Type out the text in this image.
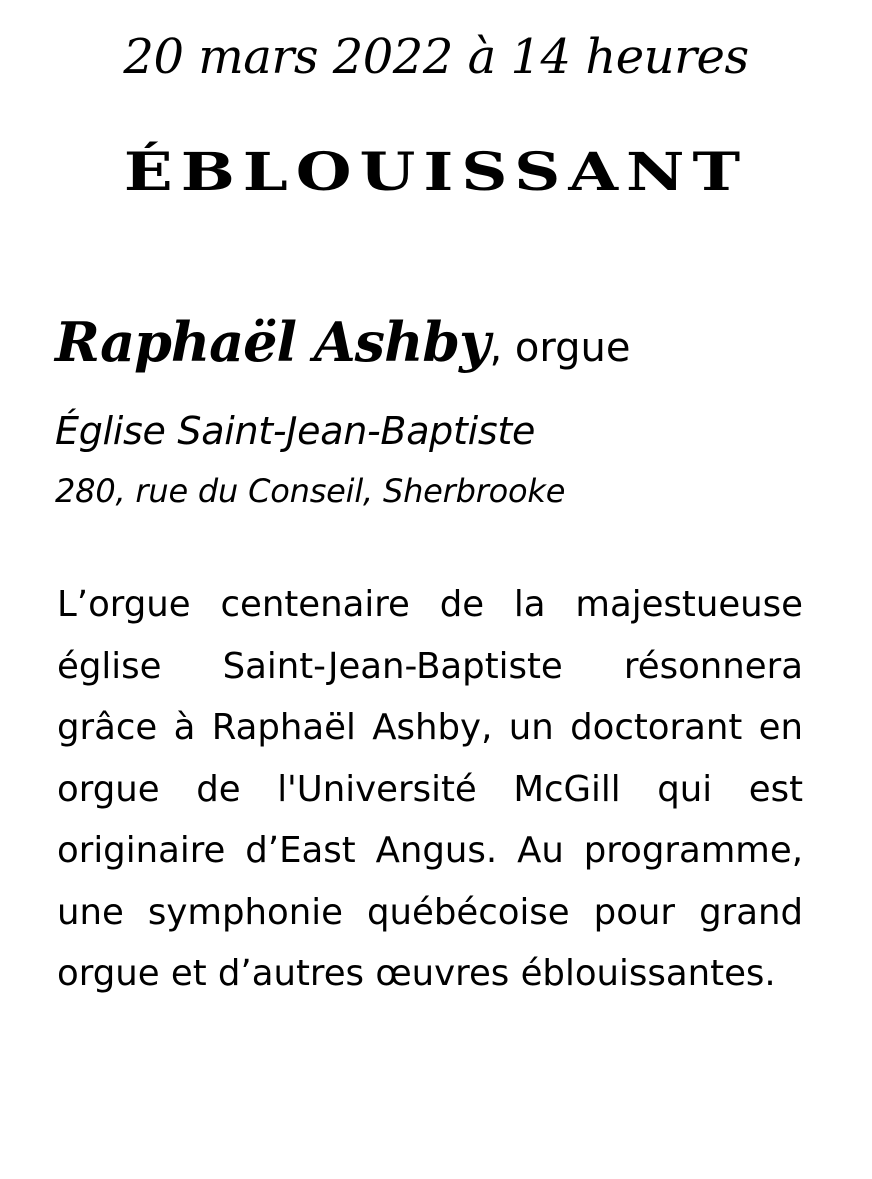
20 mars 2022 à 14 heures
ÉBLOUISSANT
Raphaël Ashby, orgue
Église Saint-Jean-Baptiste
280, rue du Conseil, Sherbrooke

L’orgue centenaire de la majestueuse église Saint-Jean-Baptiste résonnera grâce à Raphaël Ashby, un doctorant en orgue de l'Université McGill qui est originaire d’East Angus. Au programme, une symphonie québécoise pour grand orgue et d’autres œuvres éblouissantes.
